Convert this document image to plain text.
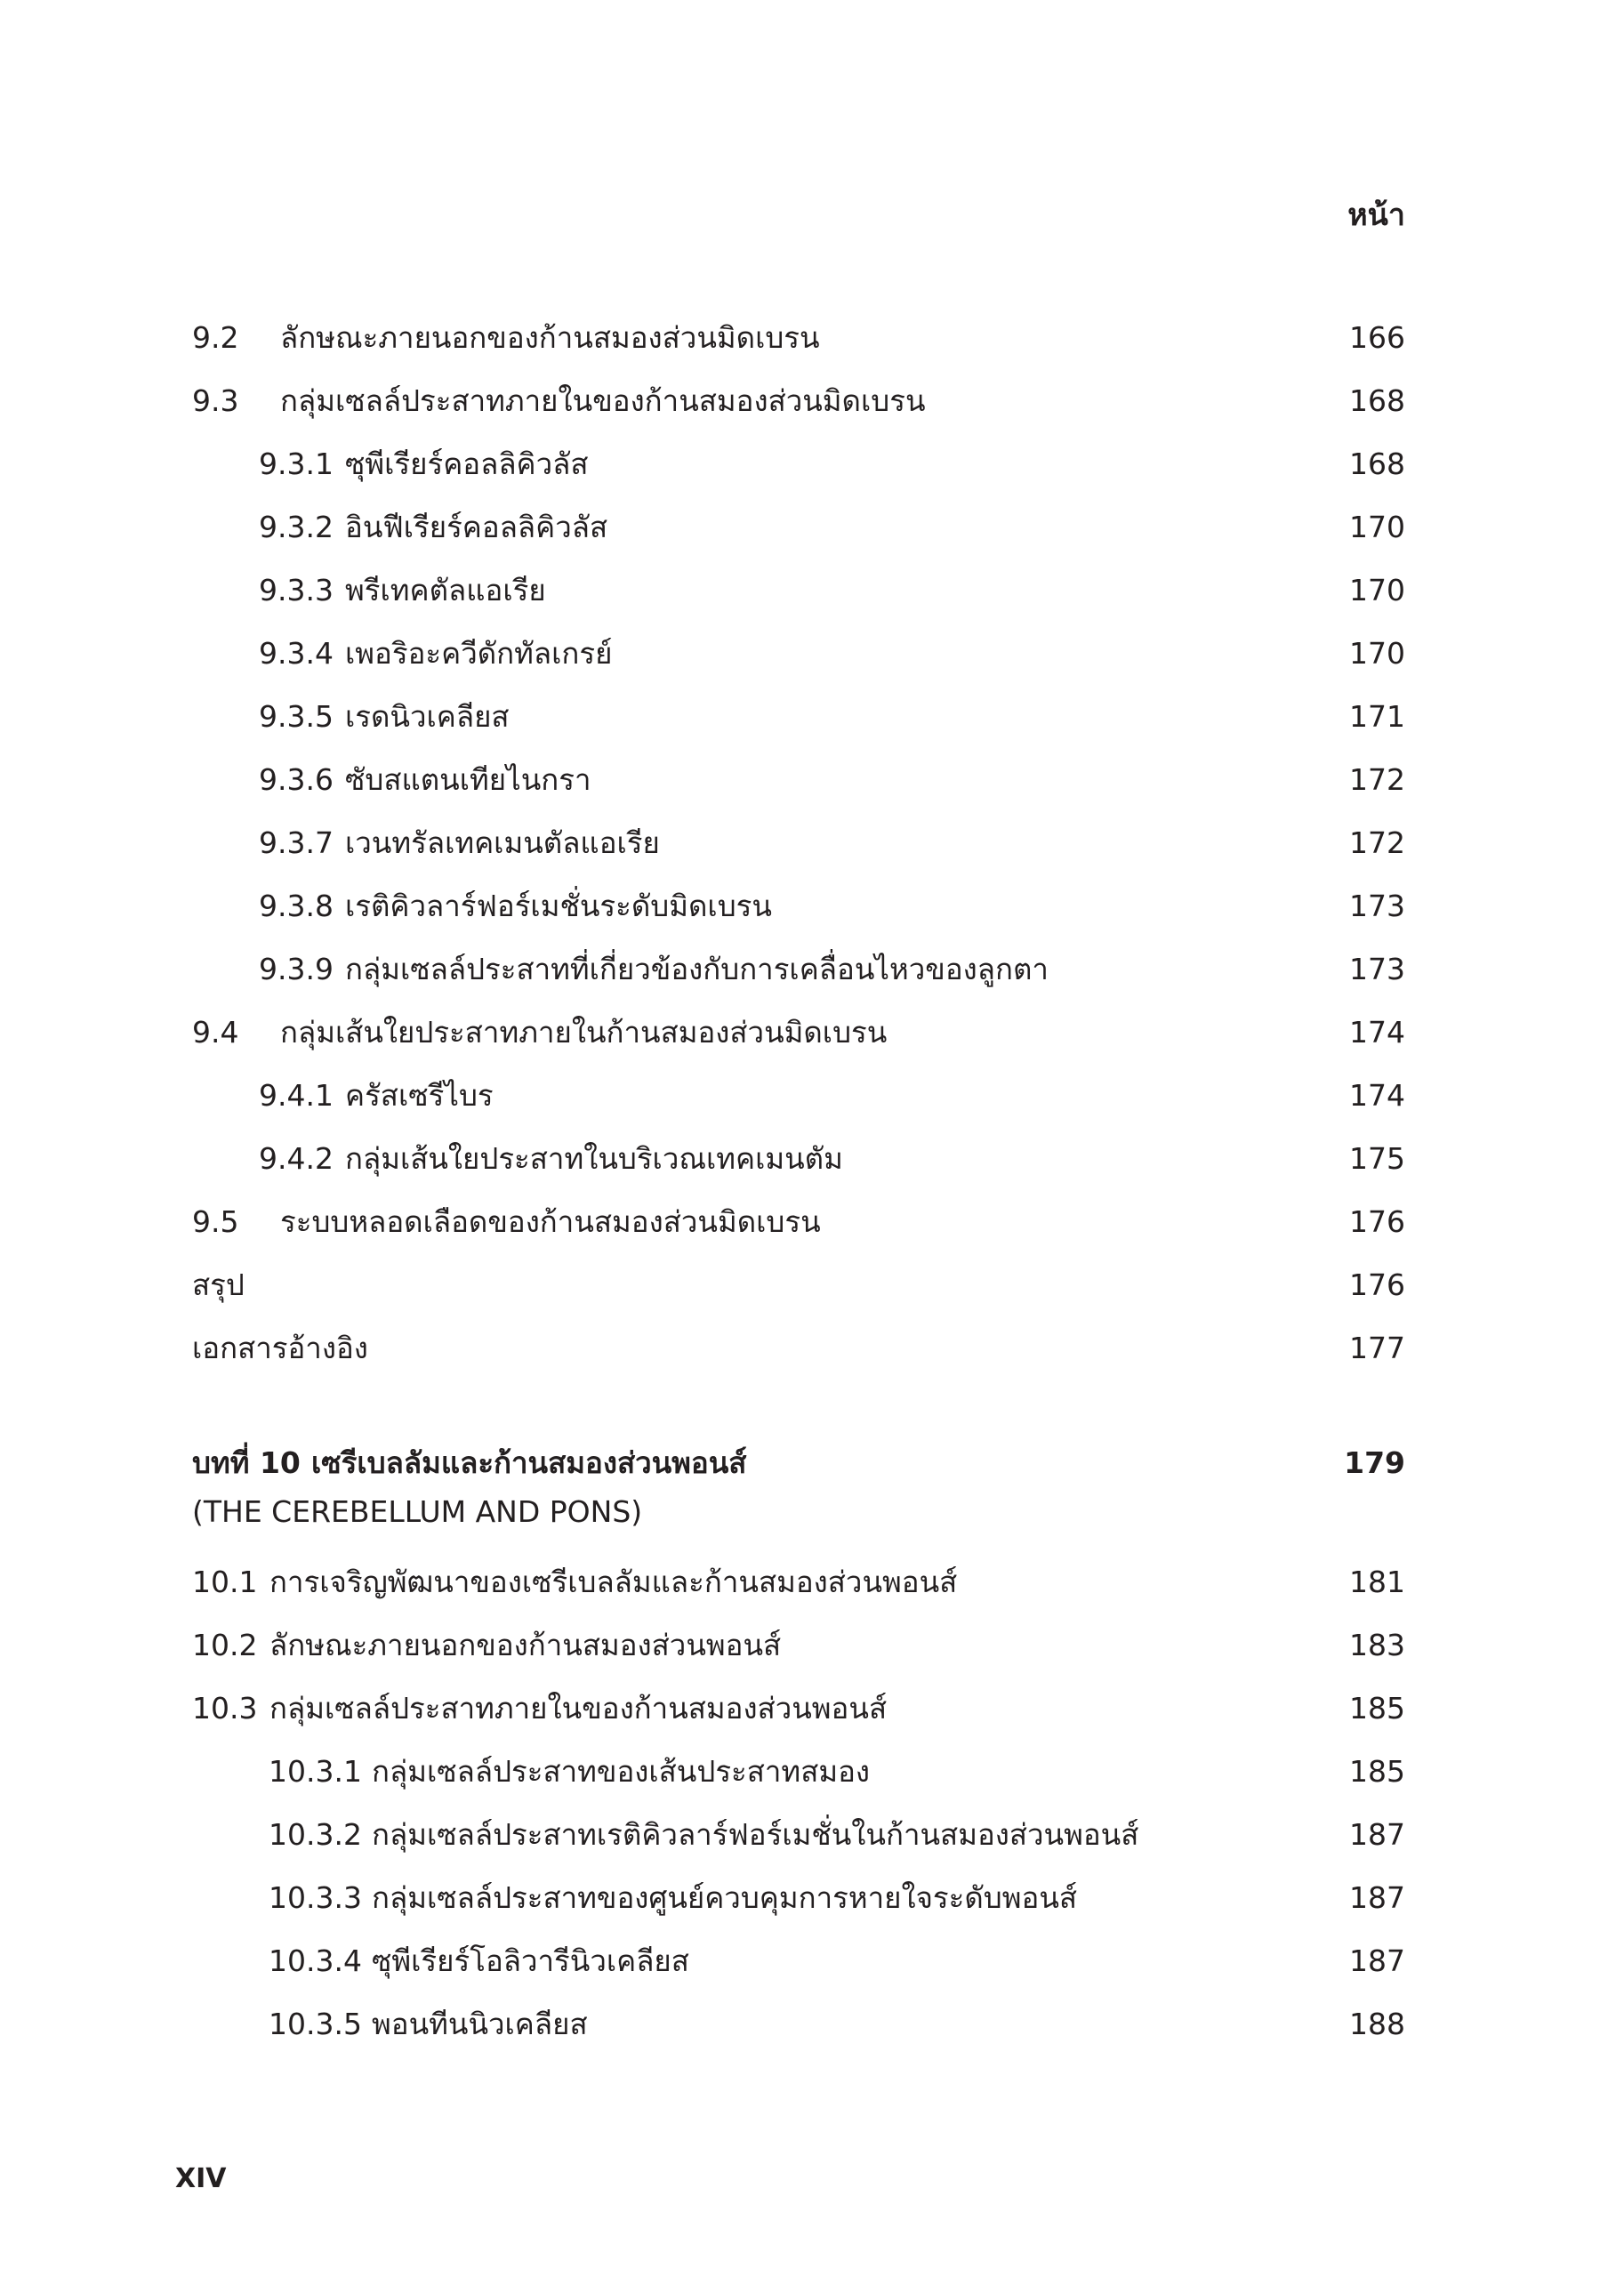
หน้า
9.2 ลักษณะภายนอกของก้านสมองส่วนมิดเบรน	166
9.3 กลุ่มเซลล์ประสาทภายในของก้านสมองส่วนมิดเบรน	168
9.3.1 ซุพีเรียร์คอลลิคิวลัส	168
9.3.2 อินฟีเรียร์คอลลิคิวลัส	170
9.3.3 พรีเทคตัลแอเรีย	170
9.3.4 เพอริอะควีดักทัลเกรย์	170
9.3.5 เรดนิวเคลียส	171
9.3.6 ซับสแตนเทียไนกรา	172
9.3.7 เวนทรัลเทคเมนตัลแอเรีย	172
9.3.8 เรติคิวลาร์ฟอร์เมชั่นระดับมิดเบรน	173
9.3.9 กลุ่มเซลล์ประสาทที่เกี่ยวข้องกับการเคลื่อนไหวของลูกตา	173
9.4 กลุ่มเส้นใยประสาทภายในก้านสมองส่วนมิดเบรน	174
9.4.1 ครัสเซรีไบร	174
9.4.2 กลุ่มเส้นใยประสาทในบริเวณเทคเมนตัม	175
9.5 ระบบหลอดเลือดของก้านสมองส่วนมิดเบรน	176
สรุป	176
เอกสารอ้างอิง	177
บทที่ 10 เซรีเบลลัมและก้านสมองส่วนพอนส์	179
(THE CEREBELLUM AND PONS)
10.1 การเจริญพัฒนาของเซรีเบลลัมและก้านสมองส่วนพอนส์	181
10.2 ลักษณะภายนอกของก้านสมองส่วนพอนส์	183
10.3 กลุ่มเซลล์ประสาทภายในของก้านสมองส่วนพอนส์	185
10.3.1 กลุ่มเซลล์ประสาทของเส้นประสาทสมอง	185
10.3.2 กลุ่มเซลล์ประสาทเรติคิวลาร์ฟอร์เมชั่นในก้านสมองส่วนพอนส์	187
10.3.3 กลุ่มเซลล์ประสาทของศูนย์ควบคุมการหายใจระดับพอนส์	187
10.3.4 ซุพีเรียร์โอลิวารีนิวเคลียส	187
10.3.5 พอนทีนนิวเคลียส	188
XIV
